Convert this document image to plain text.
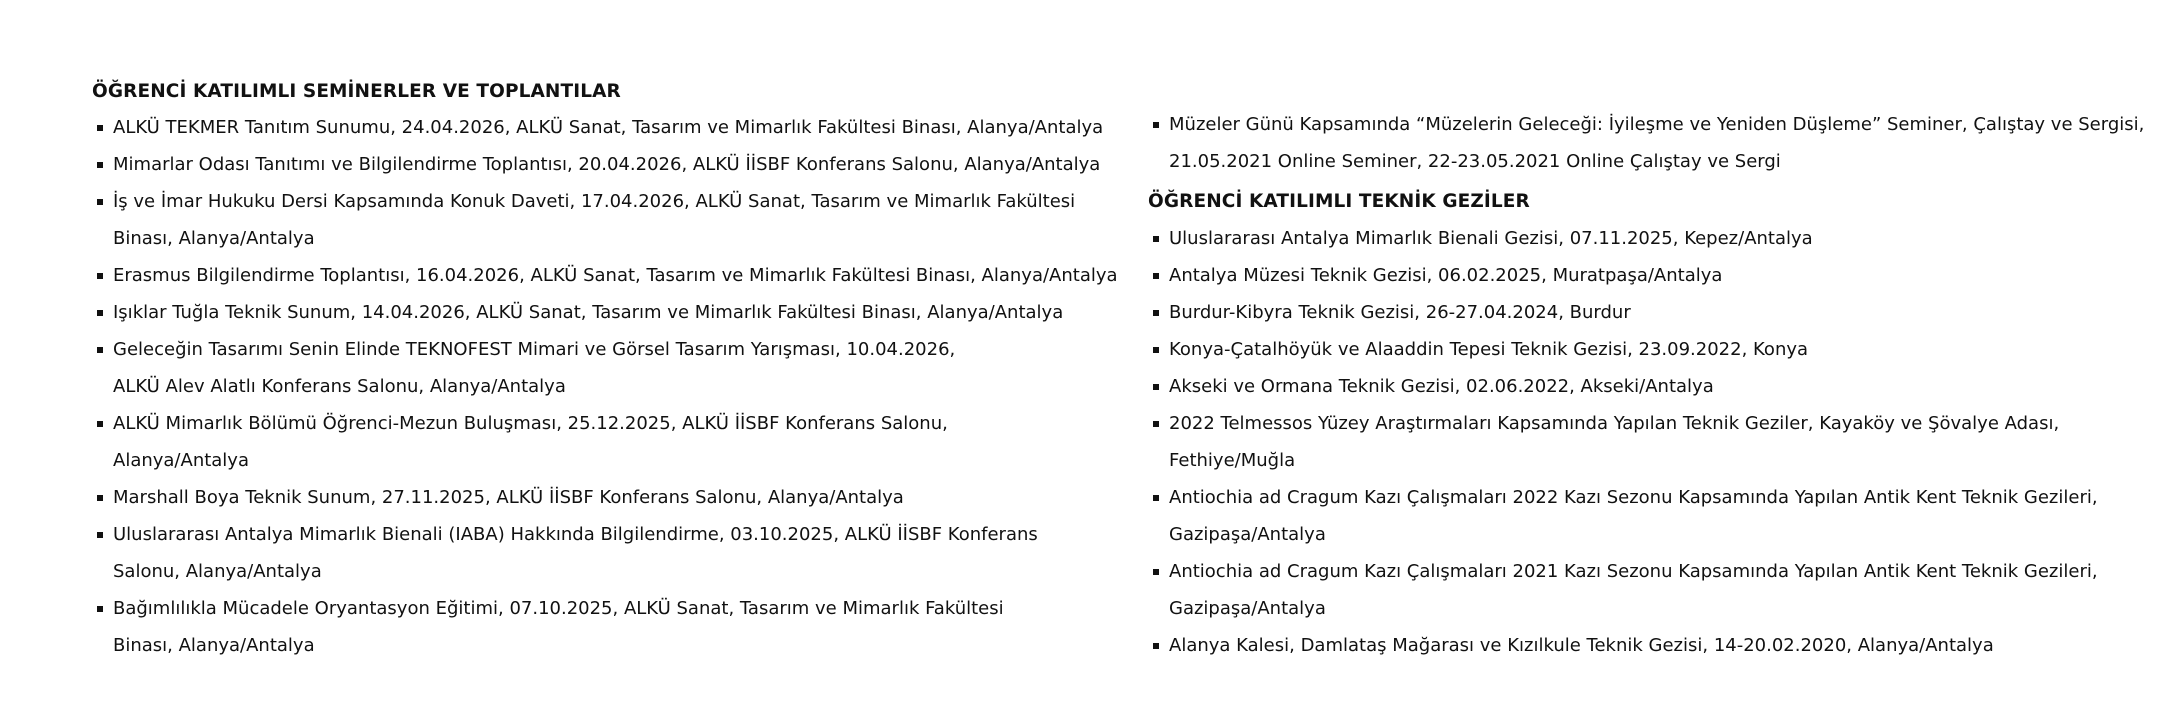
ÖĞRENCİ KATILIMLI SEMİNERLER VE TOPLANTILAR
ALKÜ TEKMER Tanıtım Sunumu, 24.04.2026, ALKÜ Sanat, Tasarım ve Mimarlık Fakültesi Binası, Alanya/Antalya
Mimarlar Odası Tanıtımı ve Bilgilendirme Toplantısı, 20.04.2026, ALKÜ İİSBF Konferans Salonu, Alanya/Antalya
İş ve İmar Hukuku Dersi Kapsamında Konuk Daveti, 17.04.2026, ALKÜ Sanat, Tasarım ve Mimarlık Fakültesi
Binası, Alanya/Antalya
Erasmus Bilgilendirme Toplantısı, 16.04.2026, ALKÜ Sanat, Tasarım ve Mimarlık Fakültesi Binası, Alanya/Antalya
Işıklar Tuğla Teknik Sunum, 14.04.2026, ALKÜ Sanat, Tasarım ve Mimarlık Fakültesi Binası, Alanya/Antalya
Geleceğin Tasarımı Senin Elinde TEKNOFEST Mimari ve Görsel Tasarım Yarışması, 10.04.2026,
ALKÜ Alev Alatlı Konferans Salonu, Alanya/Antalya
ALKÜ Mimarlık Bölümü Öğrenci-Mezun Buluşması, 25.12.2025, ALKÜ İİSBF Konferans Salonu,
Alanya/Antalya
Marshall Boya Teknik Sunum, 27.11.2025, ALKÜ İİSBF Konferans Salonu, Alanya/Antalya
Uluslararası Antalya Mimarlık Bienali (IABA) Hakkında Bilgilendirme, 03.10.2025, ALKÜ İİSBF Konferans
Salonu, Alanya/Antalya
Bağımlılıkla Mücadele Oryantasyon Eğitimi, 07.10.2025, ALKÜ Sanat, Tasarım ve Mimarlık Fakültesi
Binası, Alanya/Antalya
Müzeler Günü Kapsamında “Müzelerin Geleceği: İyileşme ve Yeniden Düşleme” Seminer, Çalıştay ve Sergisi,
21.05.2021 Online Seminer, 22-23.05.2021 Online Çalıştay ve Sergi
ÖĞRENCİ KATILIMLI TEKNİK GEZİLER
Uluslararası Antalya Mimarlık Bienali Gezisi, 07.11.2025, Kepez/Antalya
Antalya Müzesi Teknik Gezisi, 06.02.2025, Muratpaşa/Antalya
Burdur-Kibyra Teknik Gezisi, 26-27.04.2024, Burdur
Konya-Çatalhöyük ve Alaaddin Tepesi Teknik Gezisi, 23.09.2022, Konya
Akseki ve Ormana Teknik Gezisi, 02.06.2022, Akseki/Antalya
2022 Telmessos Yüzey Araştırmaları Kapsamında Yapılan Teknik Geziler, Kayaköy ve Şövalye Adası,
Fethiye/Muğla
Antiochia ad Cragum Kazı Çalışmaları 2022 Kazı Sezonu Kapsamında Yapılan Antik Kent Teknik Gezileri,
Gazipaşa/Antalya
Antiochia ad Cragum Kazı Çalışmaları 2021 Kazı Sezonu Kapsamında Yapılan Antik Kent Teknik Gezileri,
Gazipaşa/Antalya
Alanya Kalesi, Damlataş Mağarası ve Kızılkule Teknik Gezisi, 14-20.02.2020, Alanya/Antalya
